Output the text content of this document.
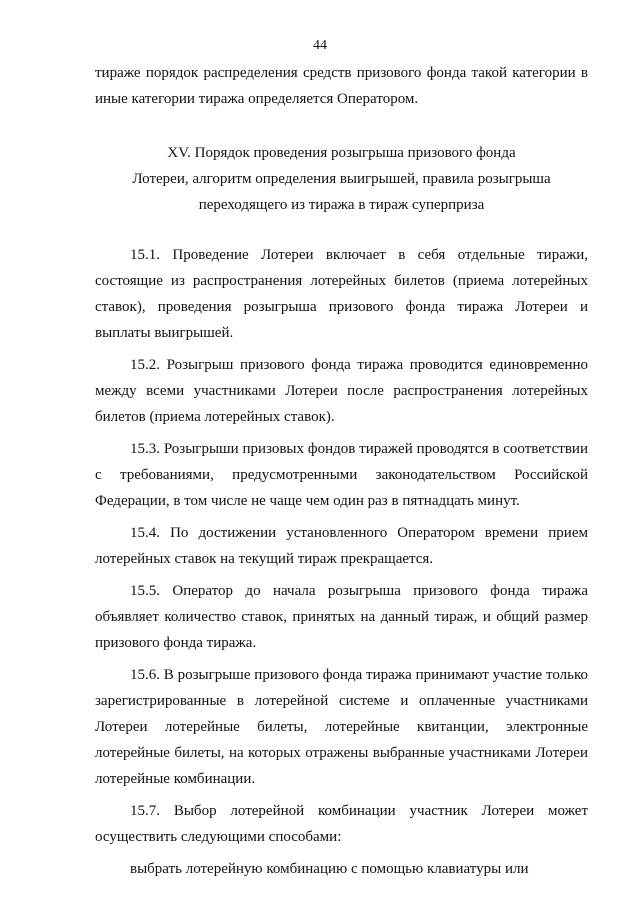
44

тираже порядок распределения средств призового фонда такой категории в иные категории тиража определяется Оператором.

XV. Порядок проведения розыгрыша призового фонда
Лотереи, алгоритм определения выигрышей, правила розыгрыша
переходящего из тиража в тираж суперприза

15.1. Проведение Лотереи включает в себя отдельные тиражи, состоящие из распространения лотерейных билетов (приема лотерейных ставок), проведения розыгрыша призового фонда тиража Лотереи и выплаты выигрышей.

15.2. Розыгрыш призового фонда тиража проводится единовременно между всеми участниками Лотереи после распространения лотерейных билетов (приема лотерейных ставок).

15.3. Розыгрыши призовых фондов тиражей проводятся в соответствии с требованиями, предусмотренными законодательством Российской Федерации, в том числе не чаще чем один раз в пятнадцать минут.

15.4. По достижении установленного Оператором времени прием лотерейных ставок на текущий тираж прекращается.

15.5. Оператор до начала розыгрыша призового фонда тиража объявляет количество ставок, принятых на данный тираж, и общий размер призового фонда тиража.

15.6. В розыгрыше призового фонда тиража принимают участие только зарегистрированные в лотерейной системе и оплаченные участниками Лотереи лотерейные билеты, лотерейные квитанции, электронные лотерейные билеты, на которых отражены выбранные участниками Лотереи лотерейные комбинации.

15.7. Выбор лотерейной комбинации участник Лотереи может осуществить следующими способами:

выбрать лотерейную комбинацию с помощью клавиатуры или
